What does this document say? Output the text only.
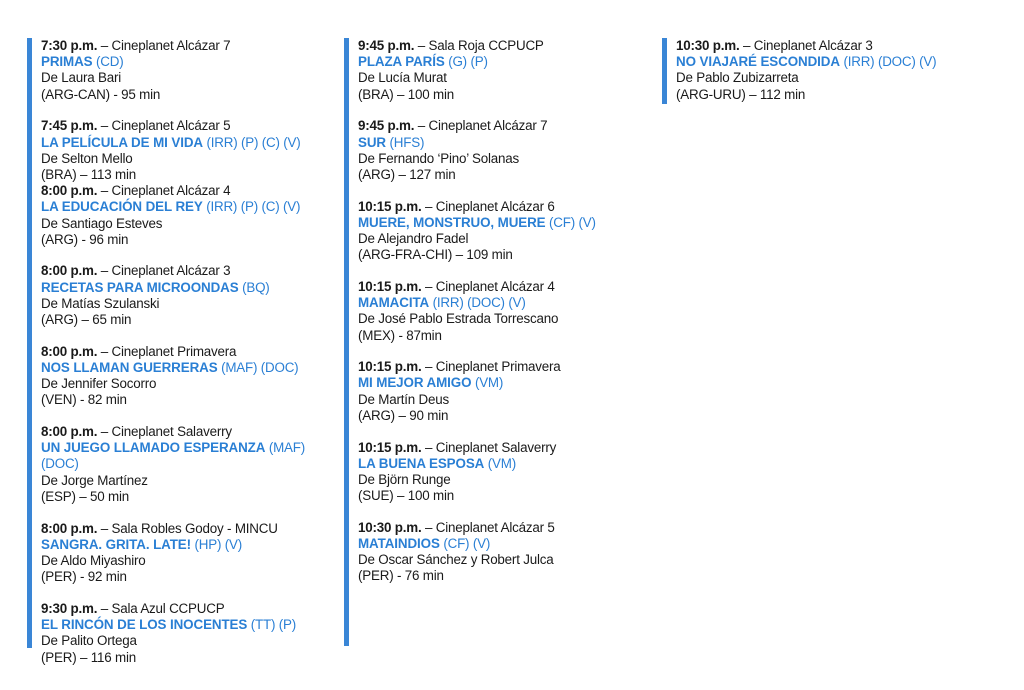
7:30 p.m. – Cineplanet Alcázar 7
PRIMAS (CD)
De Laura Bari
(ARG-CAN) - 95 min
7:45 p.m. – Cineplanet Alcázar 5
LA PELÍCULA DE MI VIDA (IRR) (P) (C) (V)
De Selton Mello
(BRA) – 113 min
8:00 p.m. – Cineplanet Alcázar 4
LA EDUCACIÓN DEL REY (IRR) (P) (C) (V)
De Santiago Esteves
(ARG) - 96 min
8:00 p.m. – Cineplanet Alcázar 3
RECETAS PARA MICROONDAS (BQ)
De Matías Szulanski
(ARG) – 65 min
8:00 p.m. – Cineplanet Primavera
NOS LLAMAN GUERRERAS (MAF) (DOC)
De Jennifer Socorro
(VEN) - 82 min
8:00 p.m. – Cineplanet Salaverry
UN JUEGO LLAMADO ESPERANZA (MAF) (DOC)
De Jorge Martínez
(ESP) – 50 min
8:00 p.m. – Sala Robles Godoy - MINCU
SANGRA. GRITA. LATE! (HP) (V)
De Aldo Miyashiro
(PER) - 92 min
9:30 p.m. – Sala Azul CCPUCP
EL RINCÓN DE LOS INOCENTES (TT) (P)
De Palito Ortega
(PER) – 116 min
9:45 p.m. – Sala Roja CCPUCP
PLAZA PARÍS (G) (P)
De Lucía Murat
(BRA) – 100 min
9:45 p.m. – Cineplanet Alcázar 7
SUR (HFS)
De Fernando ‘Pino’ Solanas
(ARG) – 127 min
10:15 p.m. – Cineplanet Alcázar 6
MUERE, MONSTRUO, MUERE (CF) (V)
De Alejandro Fadel
(ARG-FRA-CHI) – 109 min
10:15 p.m. – Cineplanet Alcázar 4
MAMACITA (IRR) (DOC) (V)
De José Pablo Estrada Torrescano
(MEX) - 87min
10:15 p.m. – Cineplanet Primavera
MI MEJOR AMIGO (VM)
De Martín Deus
(ARG) – 90 min
10:15 p.m. – Cineplanet Salaverry
LA BUENA ESPOSA (VM)
De Björn Runge
(SUE) – 100 min
10:30 p.m. – Cineplanet Alcázar 5
MATAINDIOS (CF) (V)
De Oscar Sánchez y Robert Julca
(PER) - 76 min
10:30 p.m. – Cineplanet Alcázar 3
NO VIAJARÉ ESCONDIDA (IRR) (DOC) (V)
De Pablo Zubizarreta
(ARG-URU) – 112 min
